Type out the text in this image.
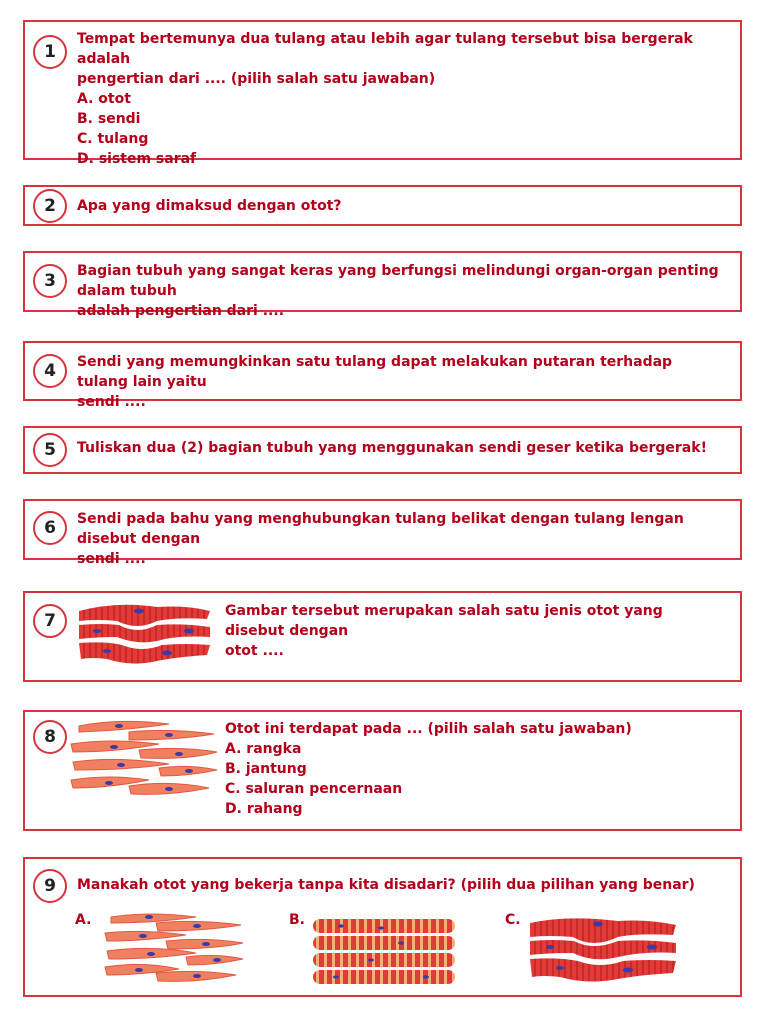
1

Tempat bertemunya dua tulang atau lebih agar tulang tersebut bisa bergerak adalah

pengertian dari .... (pilih salah satu jawaban)

A. otot

B. sendi

C. tulang

D. sistem saraf

2	Apa yang dimaksud dengan otot?

3	Bagian tubuh yang sangat keras yang berfungsi melindungi organ-organ penting dalam tubuh

adalah pengertian dari ....

4	Sendi yang memungkinkan satu tulang dapat melakukan putaran terhadap tulang lain yaitu

sendi ....

5	Tuliskan dua (2) bagian tubuh yang menggunakan sendi geser ketika bergerak!

6	Sendi pada bahu yang menghubungkan tulang belikat dengan tulang lengan disebut dengan

sendi ....

7	Gambar tersebut merupakan salah satu jenis otot yang disebut dengan

otot ....

8	Otot ini terdapat pada ... (pilih salah satu jawaban)

A. rangka

B. jantung

C. saluran pencernaan

D. rahang

9	Manakah otot yang bekerja tanpa kita disadari? (pilih dua pilihan yang benar)

A.	B.	C.
